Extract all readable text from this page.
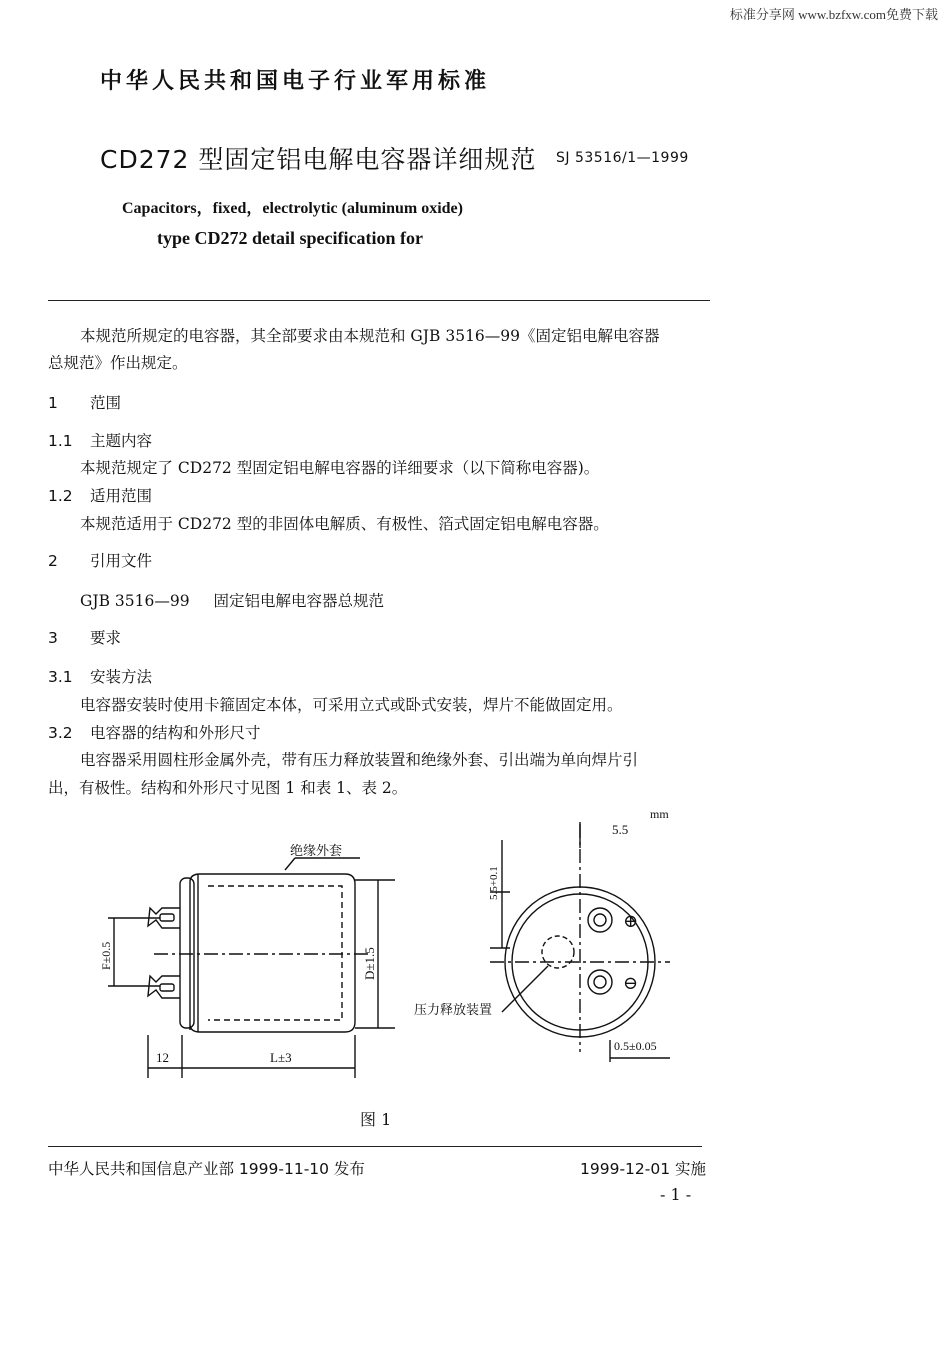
标准分享网 www.bzfxw.com免费下载
中华人民共和国电子行业军用标准
CD272 型固定铝电解电容器详细规范 SJ 53516/1—1999
Capacitors，fixed，electrolytic (aluminum oxide)
type CD272 detail specification for
本规范所规定的电容器，其全部要求由本规范和 GJB 3516—99《固定铝电解电容器
总规范》作出规定。
1 范围
1.1 主题内容
本规范规定了 CD272 型固定铝电解电容器的详细要求（以下简称电容器)。
1.2 适用范围
本规范适用于 CD272 型的非固体电解质、有极性、箔式固定铝电解电容器。
2 引用文件
GJB 3516—99 固定铝电解电容器总规范
3 要求
3.1 安装方法
电容器安装时使用卡箍固定本体，可采用立式或卧式安装，焊片不能做固定用。
3.2 电容器的结构和外形尺寸
电容器采用圆柱形金属外壳，带有压力释放装置和绝缘外套、引出端为单向焊片引
出，有极性。结构和外形尺寸见图 1 和表 1、表 2。
mm
绝缘外套
F±0.5	D±1.5
12	L±3
5.5
5.5+0.1
压力释放装置
0.5±0.05
⊕
⊖
图 1
中华人民共和国信息产业部 1999-11-10 发布	1999-12-01 实施
- 1 -
